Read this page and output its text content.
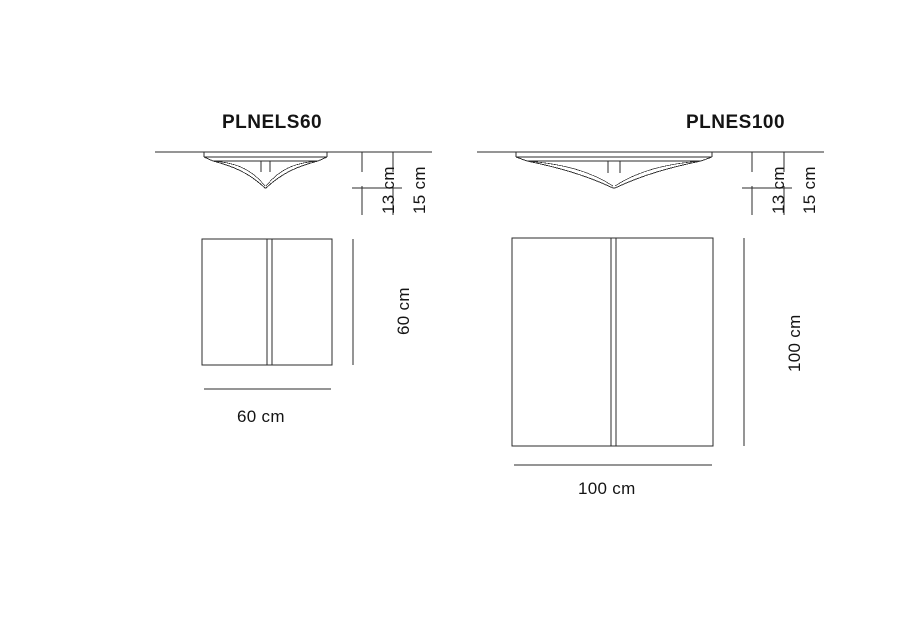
PLNELS60	PLNES100
13 cm 15 cm
60 cm
60 cm
13 cm 15 cm
100 cm
100 cm
